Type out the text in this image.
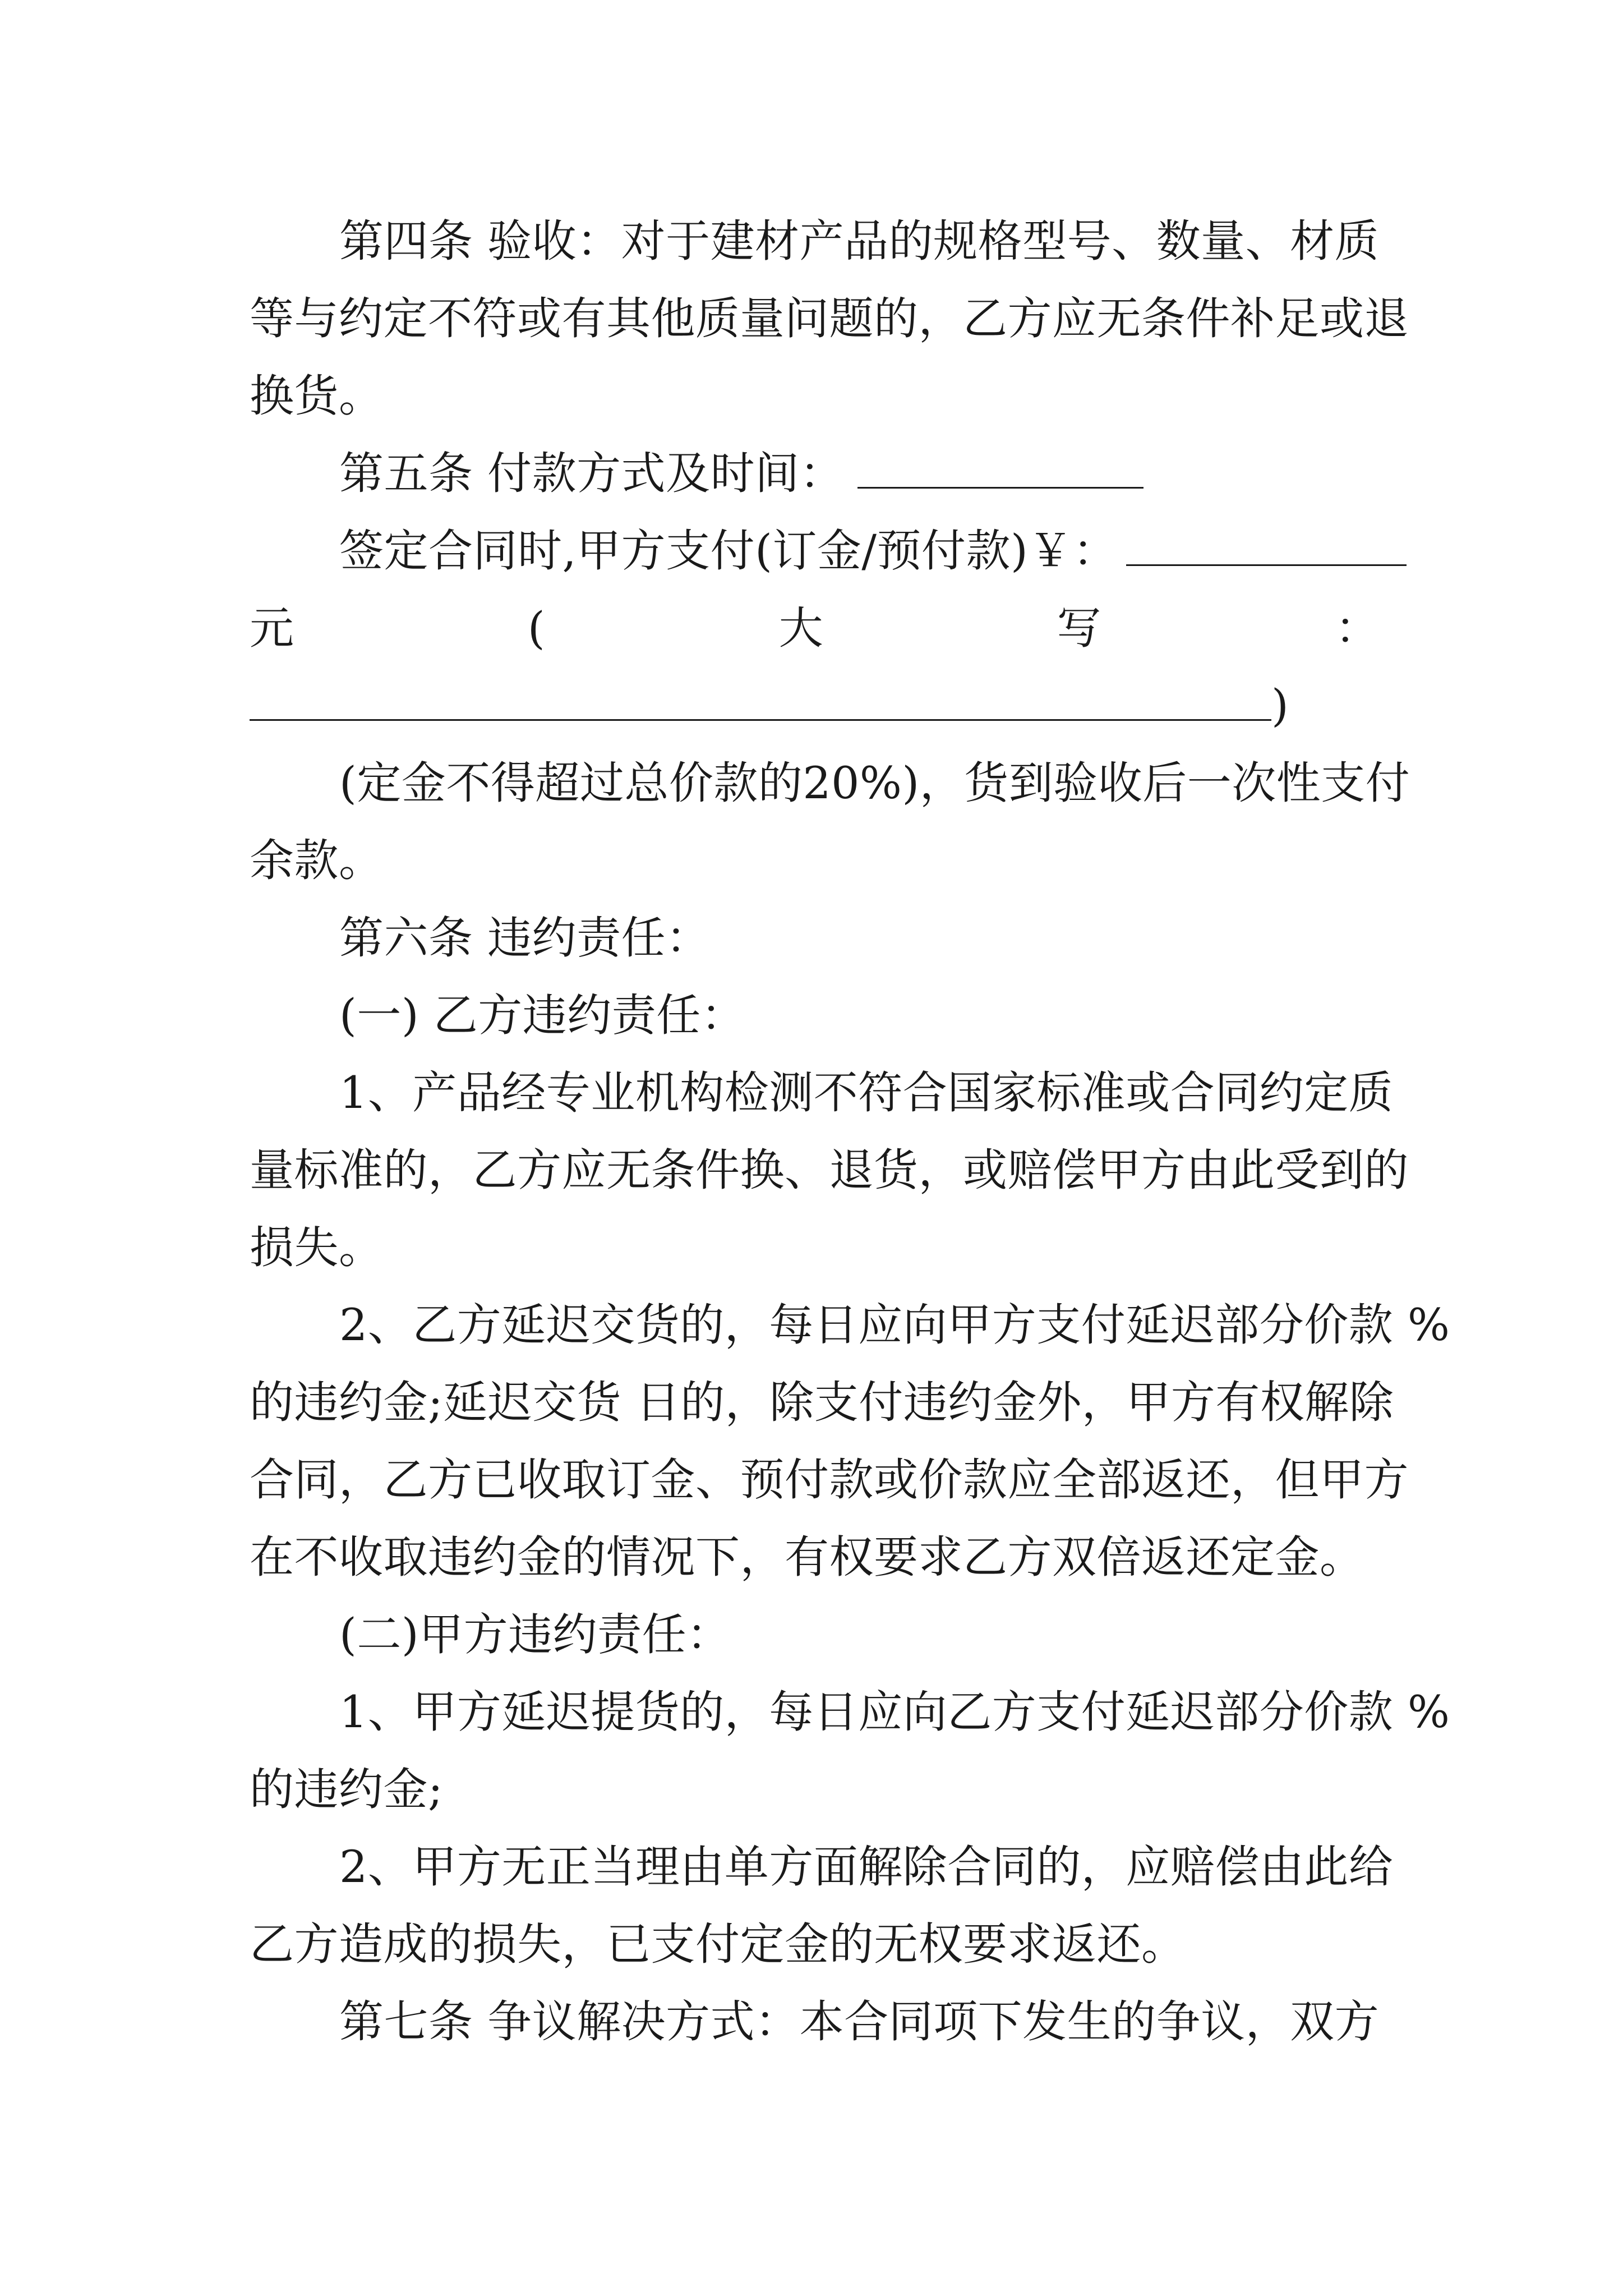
第四条 验收：对于建材产品的规格型号、数量、材质
等与约定不符或有其他质量问题的，乙方应无条件补足或退
换货。
第五条 付款方式及时间：
签定合同时,甲方支付(订金/预付款)￥：
元	(	大	写	：
)
(定金不得超过总价款的20%)，货到验收后一次性支付
余款。
第六条 违约责任：
(一) 乙方违约责任：
1、产品经专业机构检测不符合国家标准或合同约定质
量标准的，乙方应无条件换、退货，或赔偿甲方由此受到的
损失。
2、乙方延迟交货的，每日应向甲方支付延迟部分价款 %
的违约金;延迟交货 日的，除支付违约金外，甲方有权解除
合同，乙方已收取订金、预付款或价款应全部返还，但甲方
在不收取违约金的情况下，有权要求乙方双倍返还定金。
(二)甲方违约责任：
1、甲方延迟提货的，每日应向乙方支付延迟部分价款 %
的违约金;
2、甲方无正当理由单方面解除合同的，应赔偿由此给
乙方造成的损失，已支付定金的无权要求返还。
第七条 争议解决方式：本合同项下发生的争议，双方
